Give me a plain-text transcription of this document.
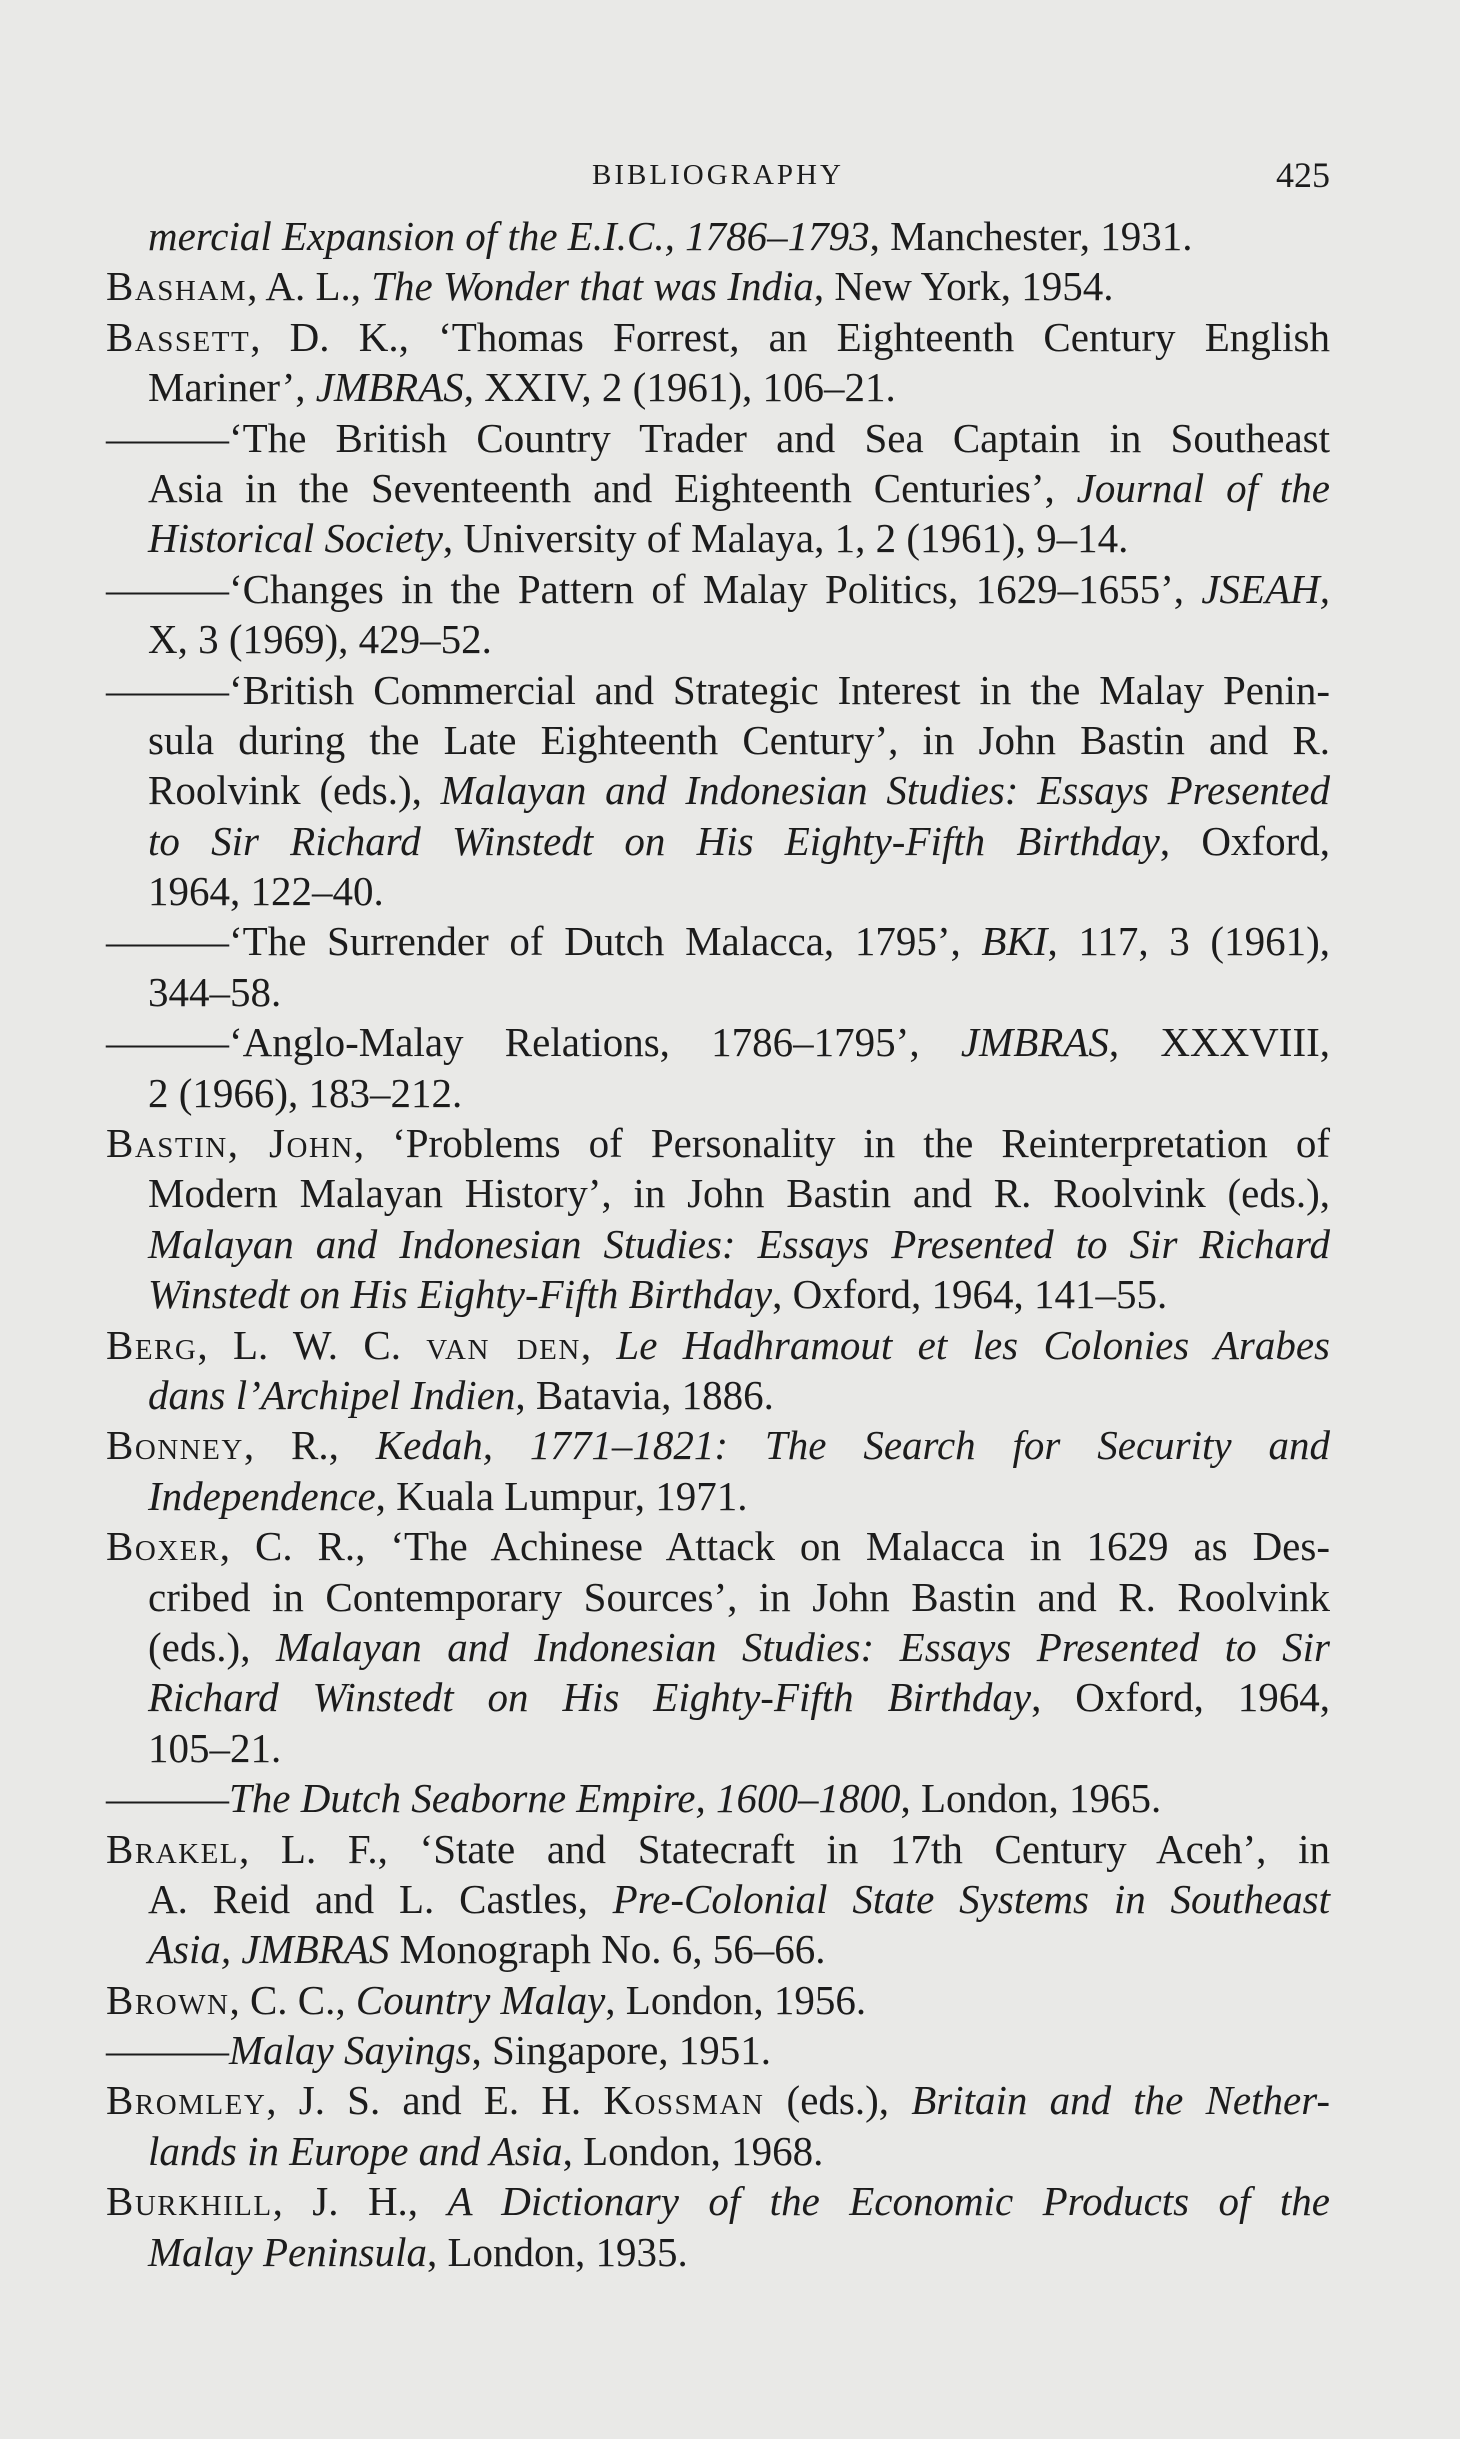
BIBLIOGRAPHY	425
mercial Expansion of the E.I.C., 1786–1793, Manchester, 1931.
Basham, A. L., The Wonder that was India, New York, 1954.
Bassett, D. K., ‘Thomas Forrest, an Eighteenth Century English
Mariner’, JMBRAS, XXIV, 2 (1961), 106–21.
———‘The British Country Trader and Sea Captain in Southeast
Asia in the Seventeenth and Eighteenth Centuries’, Journal of the
Historical Society, University of Malaya, 1, 2 (1961), 9–14.
———‘Changes in the Pattern of Malay Politics, 1629–1655’, JSEAH,
X, 3 (1969), 429–52.
———‘British Commercial and Strategic Interest in the Malay Penin-
sula during the Late Eighteenth Century’, in John Bastin and R.
Roolvink (eds.), Malayan and Indonesian Studies: Essays Presented
to Sir Richard Winstedt on His Eighty-Fifth Birthday, Oxford,
1964, 122–40.
———‘The Surrender of Dutch Malacca, 1795’, BKI, 117, 3 (1961),
344–58.
———‘Anglo-Malay Relations, 1786–1795’, JMBRAS, XXXVIII,
2 (1966), 183–212.
Bastin, John, ‘Problems of Personality in the Reinterpretation of
Modern Malayan History’, in John Bastin and R. Roolvink (eds.),
Malayan and Indonesian Studies: Essays Presented to Sir Richard
Winstedt on His Eighty-Fifth Birthday, Oxford, 1964, 141–55.
Berg, L. W. C. van den, Le Hadhramout et les Colonies Arabes
dans l’Archipel Indien, Batavia, 1886.
Bonney, R., Kedah, 1771–1821: The Search for Security and
Independence, Kuala Lumpur, 1971.
Boxer, C. R., ‘The Achinese Attack on Malacca in 1629 as Des-
cribed in Contemporary Sources’, in John Bastin and R. Roolvink
(eds.), Malayan and Indonesian Studies: Essays Presented to Sir
Richard Winstedt on His Eighty-Fifth Birthday, Oxford, 1964,
105–21.
———The Dutch Seaborne Empire, 1600–1800, London, 1965.
Brakel, L. F., ‘State and Statecraft in 17th Century Aceh’, in
A. Reid and L. Castles, Pre-Colonial State Systems in Southeast
Asia, JMBRAS Monograph No. 6, 56–66.
Brown, C. C., Country Malay, London, 1956.
———Malay Sayings, Singapore, 1951.
Bromley, J. S. and E. H. Kossman (eds.), Britain and the Nether-
lands in Europe and Asia, London, 1968.
Burkhill, J. H., A Dictionary of the Economic Products of the
Malay Peninsula, London, 1935.
